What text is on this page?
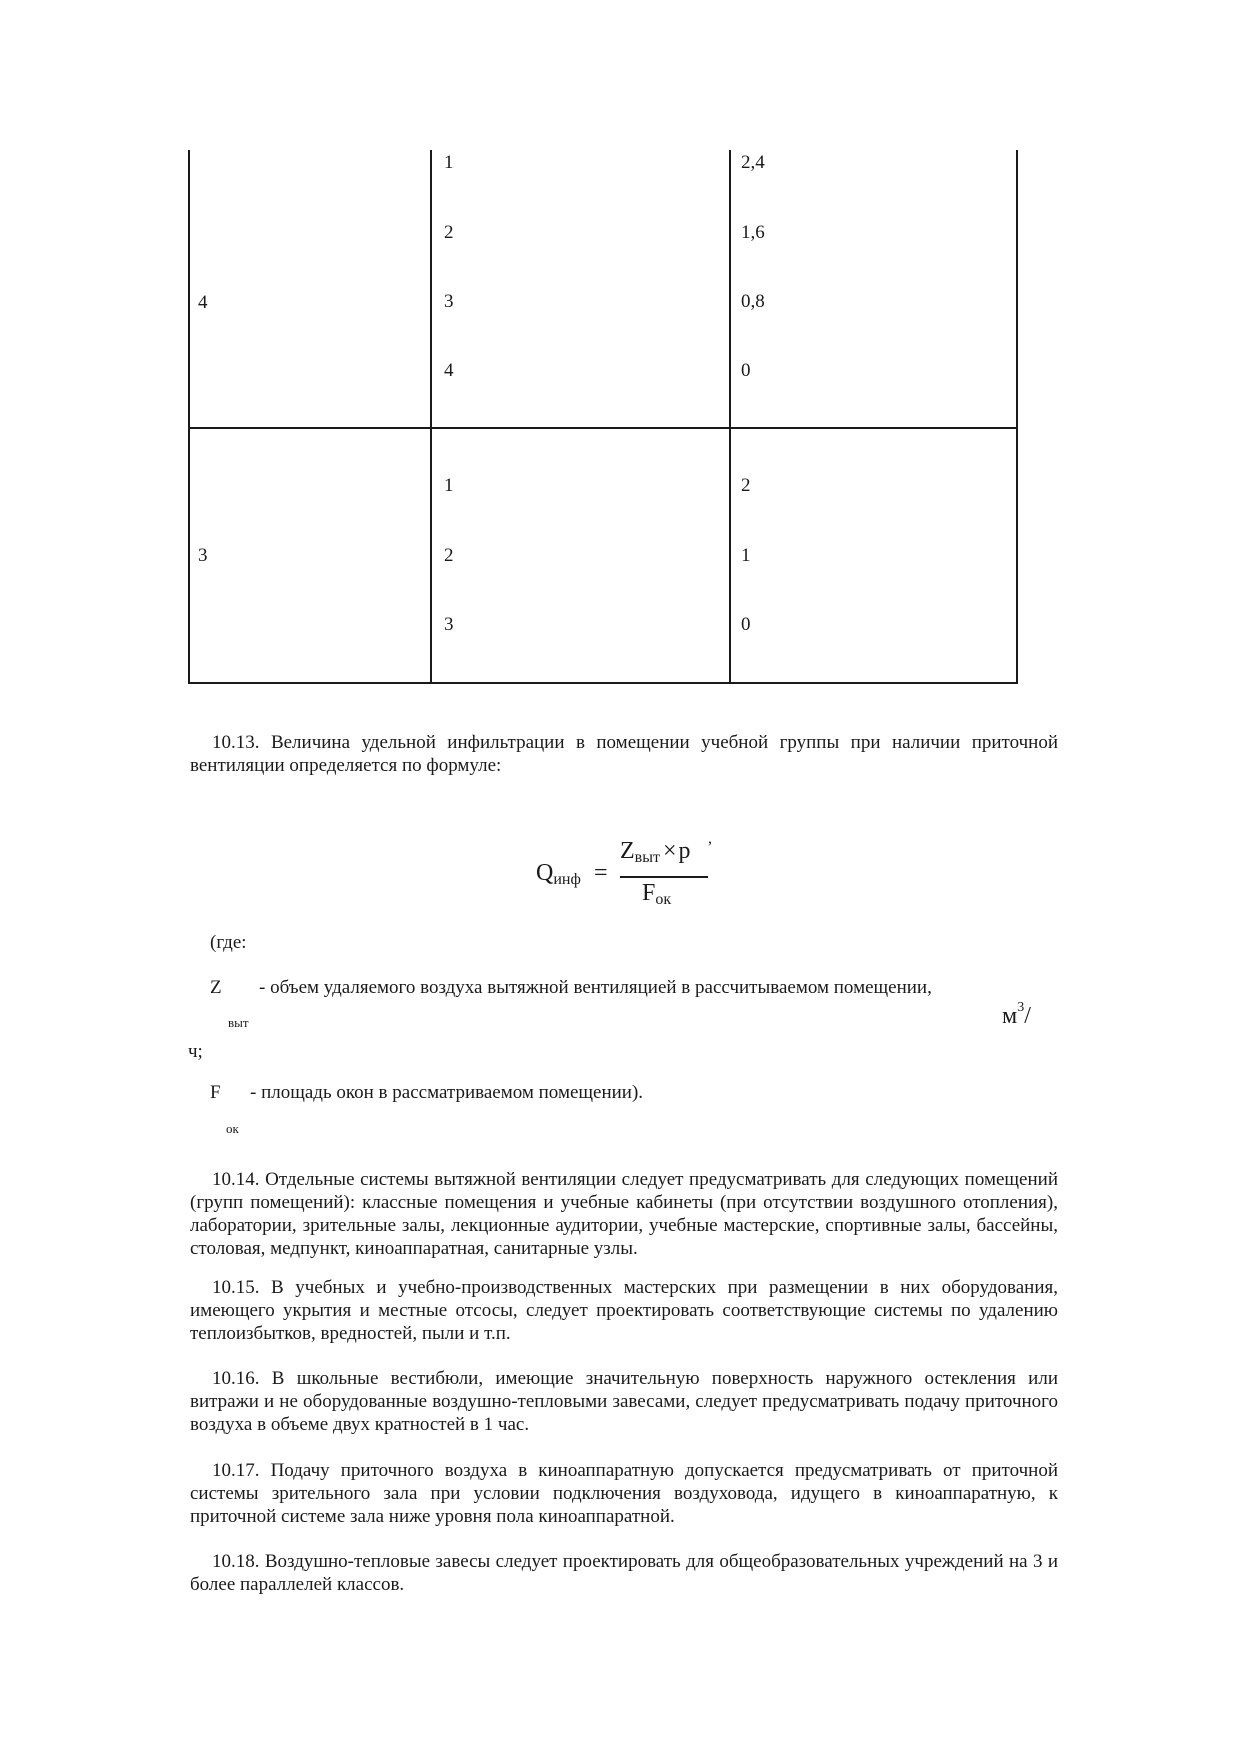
4
1	2,4
2	1,6
3	0,8
4	0
3
1	2
2	1
3	0
10.13. Величина удельной инфильтрации в помещении учебной группы при наличии приточной вентиляции определяется по формуле:
$Q_{инф}$ =
$Z_{выт} \times p$
$F_{ок}$
,
(где:
Z - объем удаляемого воздуха вытяжной вентиляцией в рассчитываемом помещении,
выт	$м^3/$
ч;
F - площадь окон в рассматриваемом помещении).
ок
10.14. Отдельные системы вытяжной вентиляции следует предусматривать для следующих помещений (групп помещений): классные помещения и учебные кабинеты (при отсутствии воздушного отопления), лаборатории, зрительные залы, лекционные аудитории, учебные мастерские, спортивные залы, бассейны, столовая, медпункт, киноаппаратная, санитарные узлы.
10.15. В учебных и учебно-производственных мастерских при размещении в них оборудования, имеющего укрытия и местные отсосы, следует проектировать соответствующие системы по удалению теплоизбытков, вредностей, пыли и т.п.
10.16. В школьные вестибюли, имеющие значительную поверхность наружного остекления или витражи и не оборудованные воздушно-тепловыми завесами, следует предусматривать подачу приточного воздуха в объеме двух кратностей в 1 час.
10.17. Подачу приточного воздуха в киноаппаратную допускается предусматривать от приточной системы зрительного зала при условии подключения воздуховода, идущего в киноаппаратную, к приточной системе зала ниже уровня пола киноаппаратной.
10.18. Воздушно-тепловые завесы следует проектировать для общеобразовательных учреждений на 3 и более параллелей классов.
